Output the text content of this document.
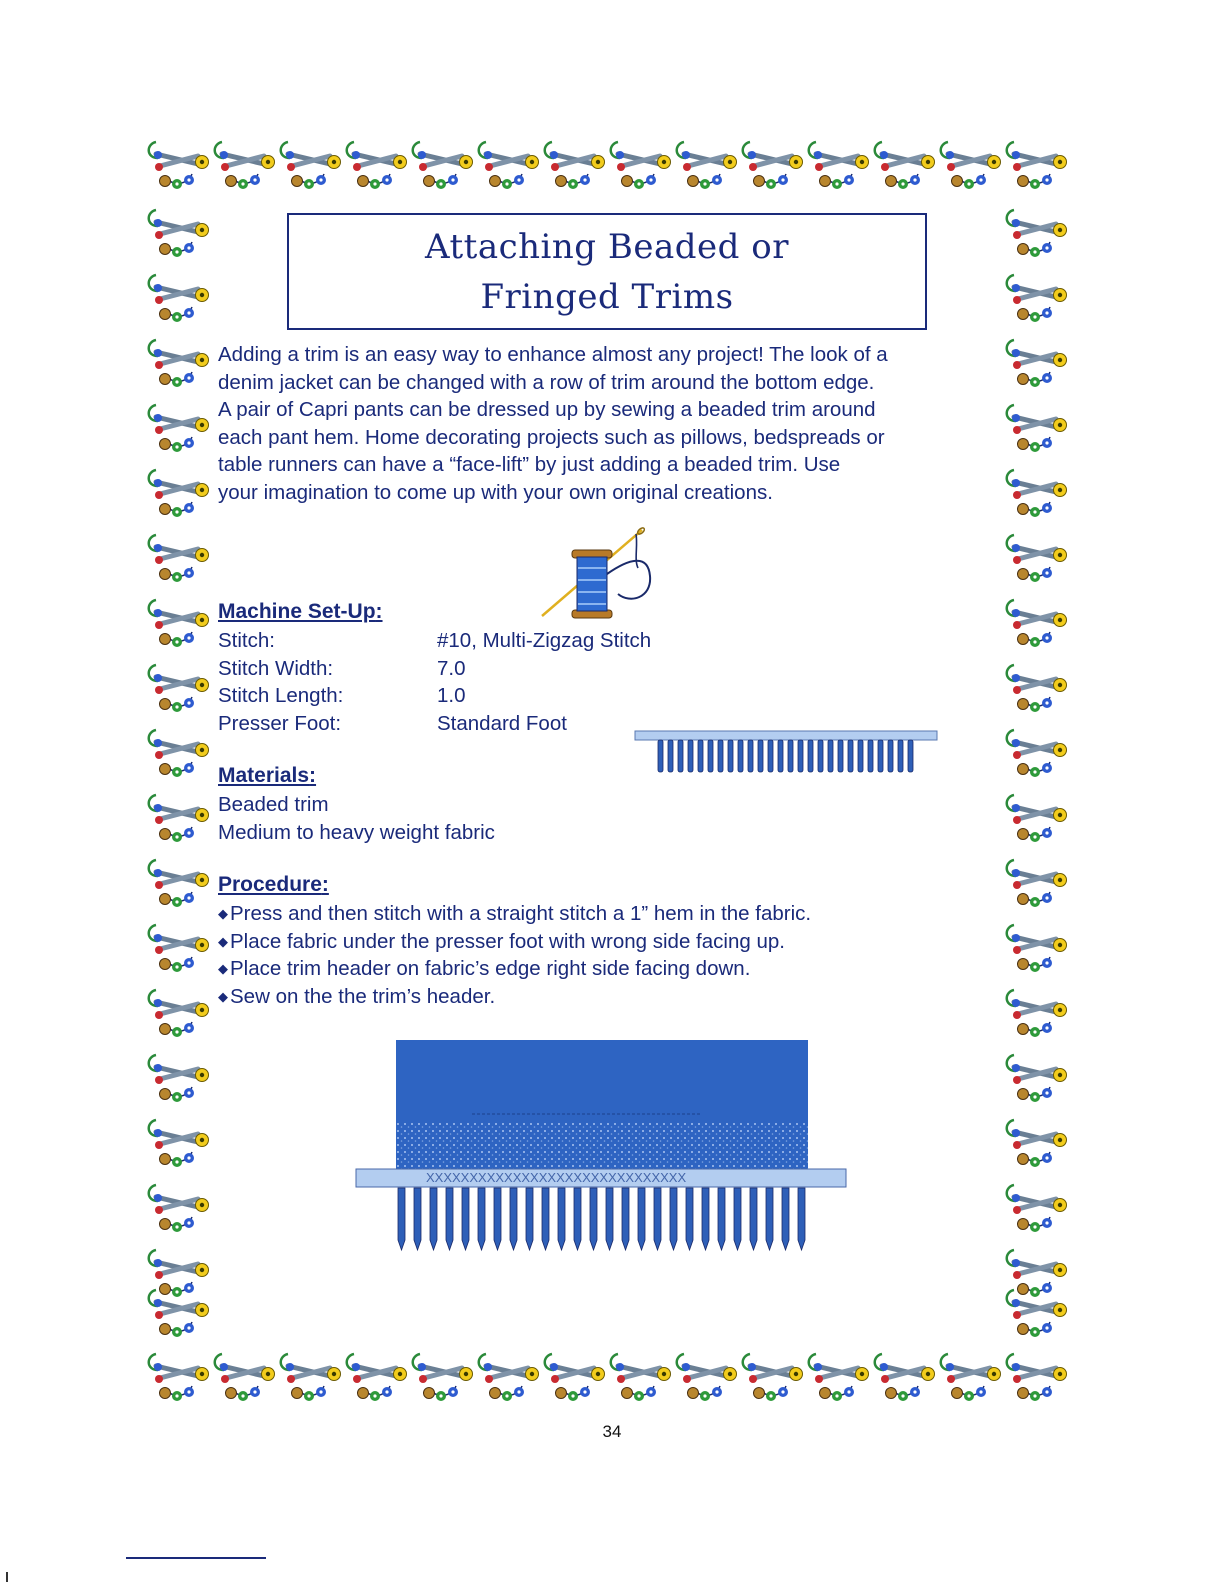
Attaching Beaded or
Fringed Trims

Adding a trim is an easy way to enhance almost any project! The look of a
denim jacket can be changed with a row of trim around the bottom edge.
A pair of Capri pants can be dressed up by sewing a beaded trim around
each pant hem. Home decorating projects such as pillows, bedspreads or
table runners can have a “face-lift” by just adding a beaded trim. Use
your imagination to come up with your own original creations.

Machine Set-Up:
Stitch:	#10, Multi-Zigzag Stitch
Stitch Width:	7.0
Stitch Length:	1.0
Presser Foot:	Standard Foot
Materials:
Beaded trim
Medium to heavy weight fabric
Procedure:
◆Press and then stitch with a straight stitch a 1” hem in the fabric.
◆Place fabric under the presser foot with wrong side facing up.
◆Place trim header on fabric’s edge right side facing down.
◆Sew on the the trim’s header.
XXXXXXXXXXXXXXXXXXXXXXXXXXXXXX
34
